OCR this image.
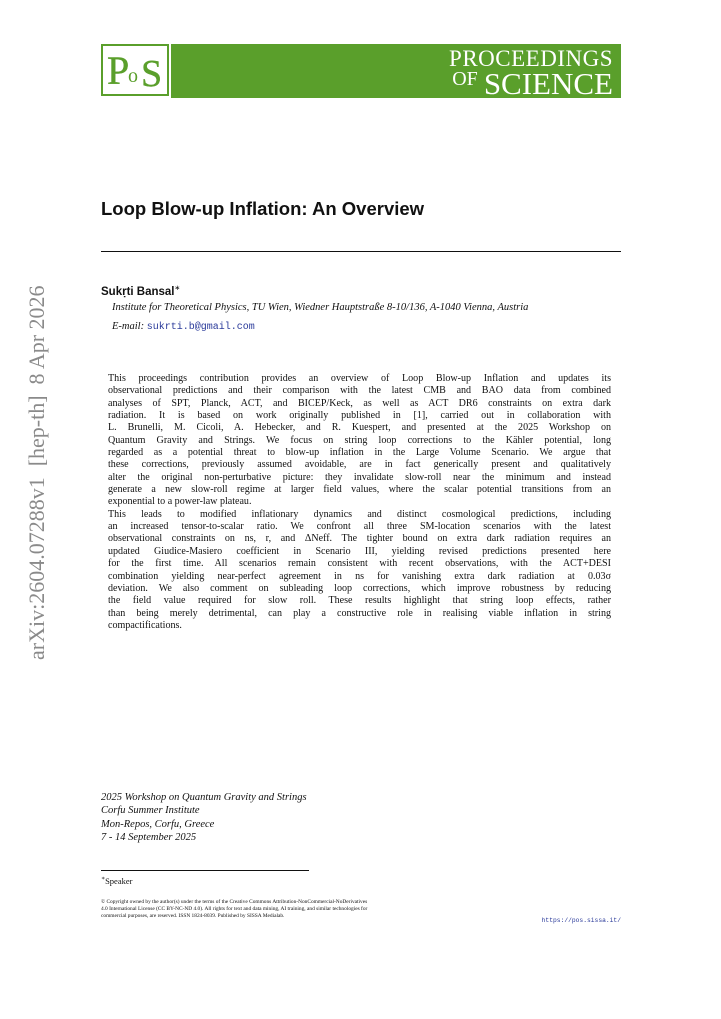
P
o S	PROCEEDINGS
$^{OF}$ SCIENCE
arXiv:2604.07288v1  [hep-th]  8 Apr 2026
Loop Blow-up Inflation: An Overview
Sukṛti Bansal∗
Institute for Theoretical Physics, TU Wien, Wiedner Hauptstraße 8-10/136, A-1040 Vienna, Austria
E-mail: sukrti.b@gmail.com
This proceedings contribution provides an overview of Loop Blow-up Inflation and updates its
observational predictions and their comparison with the latest CMB and BAO data from combined
analyses of SPT, Planck, ACT, and BICEP/Keck, as well as ACT DR6 constraints on extra dark
radiation. It is based on work originally published in [1], carried out in collaboration with
L. Brunelli, M. Cicoli, A. Hebecker, and R. Kuespert, and presented at the 2025 Workshop on
Quantum Gravity and Strings. We focus on string loop corrections to the Kähler potential, long
regarded as a potential threat to blow-up inflation in the Large Volume Scenario. We argue that
these corrections, previously assumed avoidable, are in fact generically present and qualitatively
alter the original non-perturbative picture: they invalidate slow-roll near the minimum and instead
generate a new slow-roll regime at larger field values, where the scalar potential transitions from an
exponential to a power-law plateau.
This leads to modified inflationary dynamics and distinct cosmological predictions, including
an increased tensor-to-scalar ratio. We confront all three SM-location scenarios with the latest
observational constraints on ns, r, and ΔNeff. The tighter bound on extra dark radiation requires an
updated Giudice-Masiero coefficient in Scenario III, yielding revised predictions presented here
for the first time. All scenarios remain consistent with recent observations, with the ACT+DESI
combination yielding near-perfect agreement in ns for vanishing extra dark radiation at 0.03σ
deviation. We also comment on subleading loop corrections, which improve robustness by reducing
the field value required for slow roll. These results highlight that string loop effects, rather
than being merely detrimental, can play a constructive role in realising viable inflation in string
compactifications.
2025 Workshop on Quantum Gravity and Strings
Corfu Summer Institute
Mon-Repos, Corfu, Greece
7 - 14 September 2025
∗Speaker
© Copyright owned by the author(s) under the terms of the Creative Commons Attribution-NonCommercial-NoDerivatives
4.0 International License (CC BY-NC-ND 4.0). All rights for text and data mining, AI training, and similar technologies for
commercial purposes, are reserved. ISSN 1824-8039. Published by SISSA Medialab.
https://pos.sissa.it/
